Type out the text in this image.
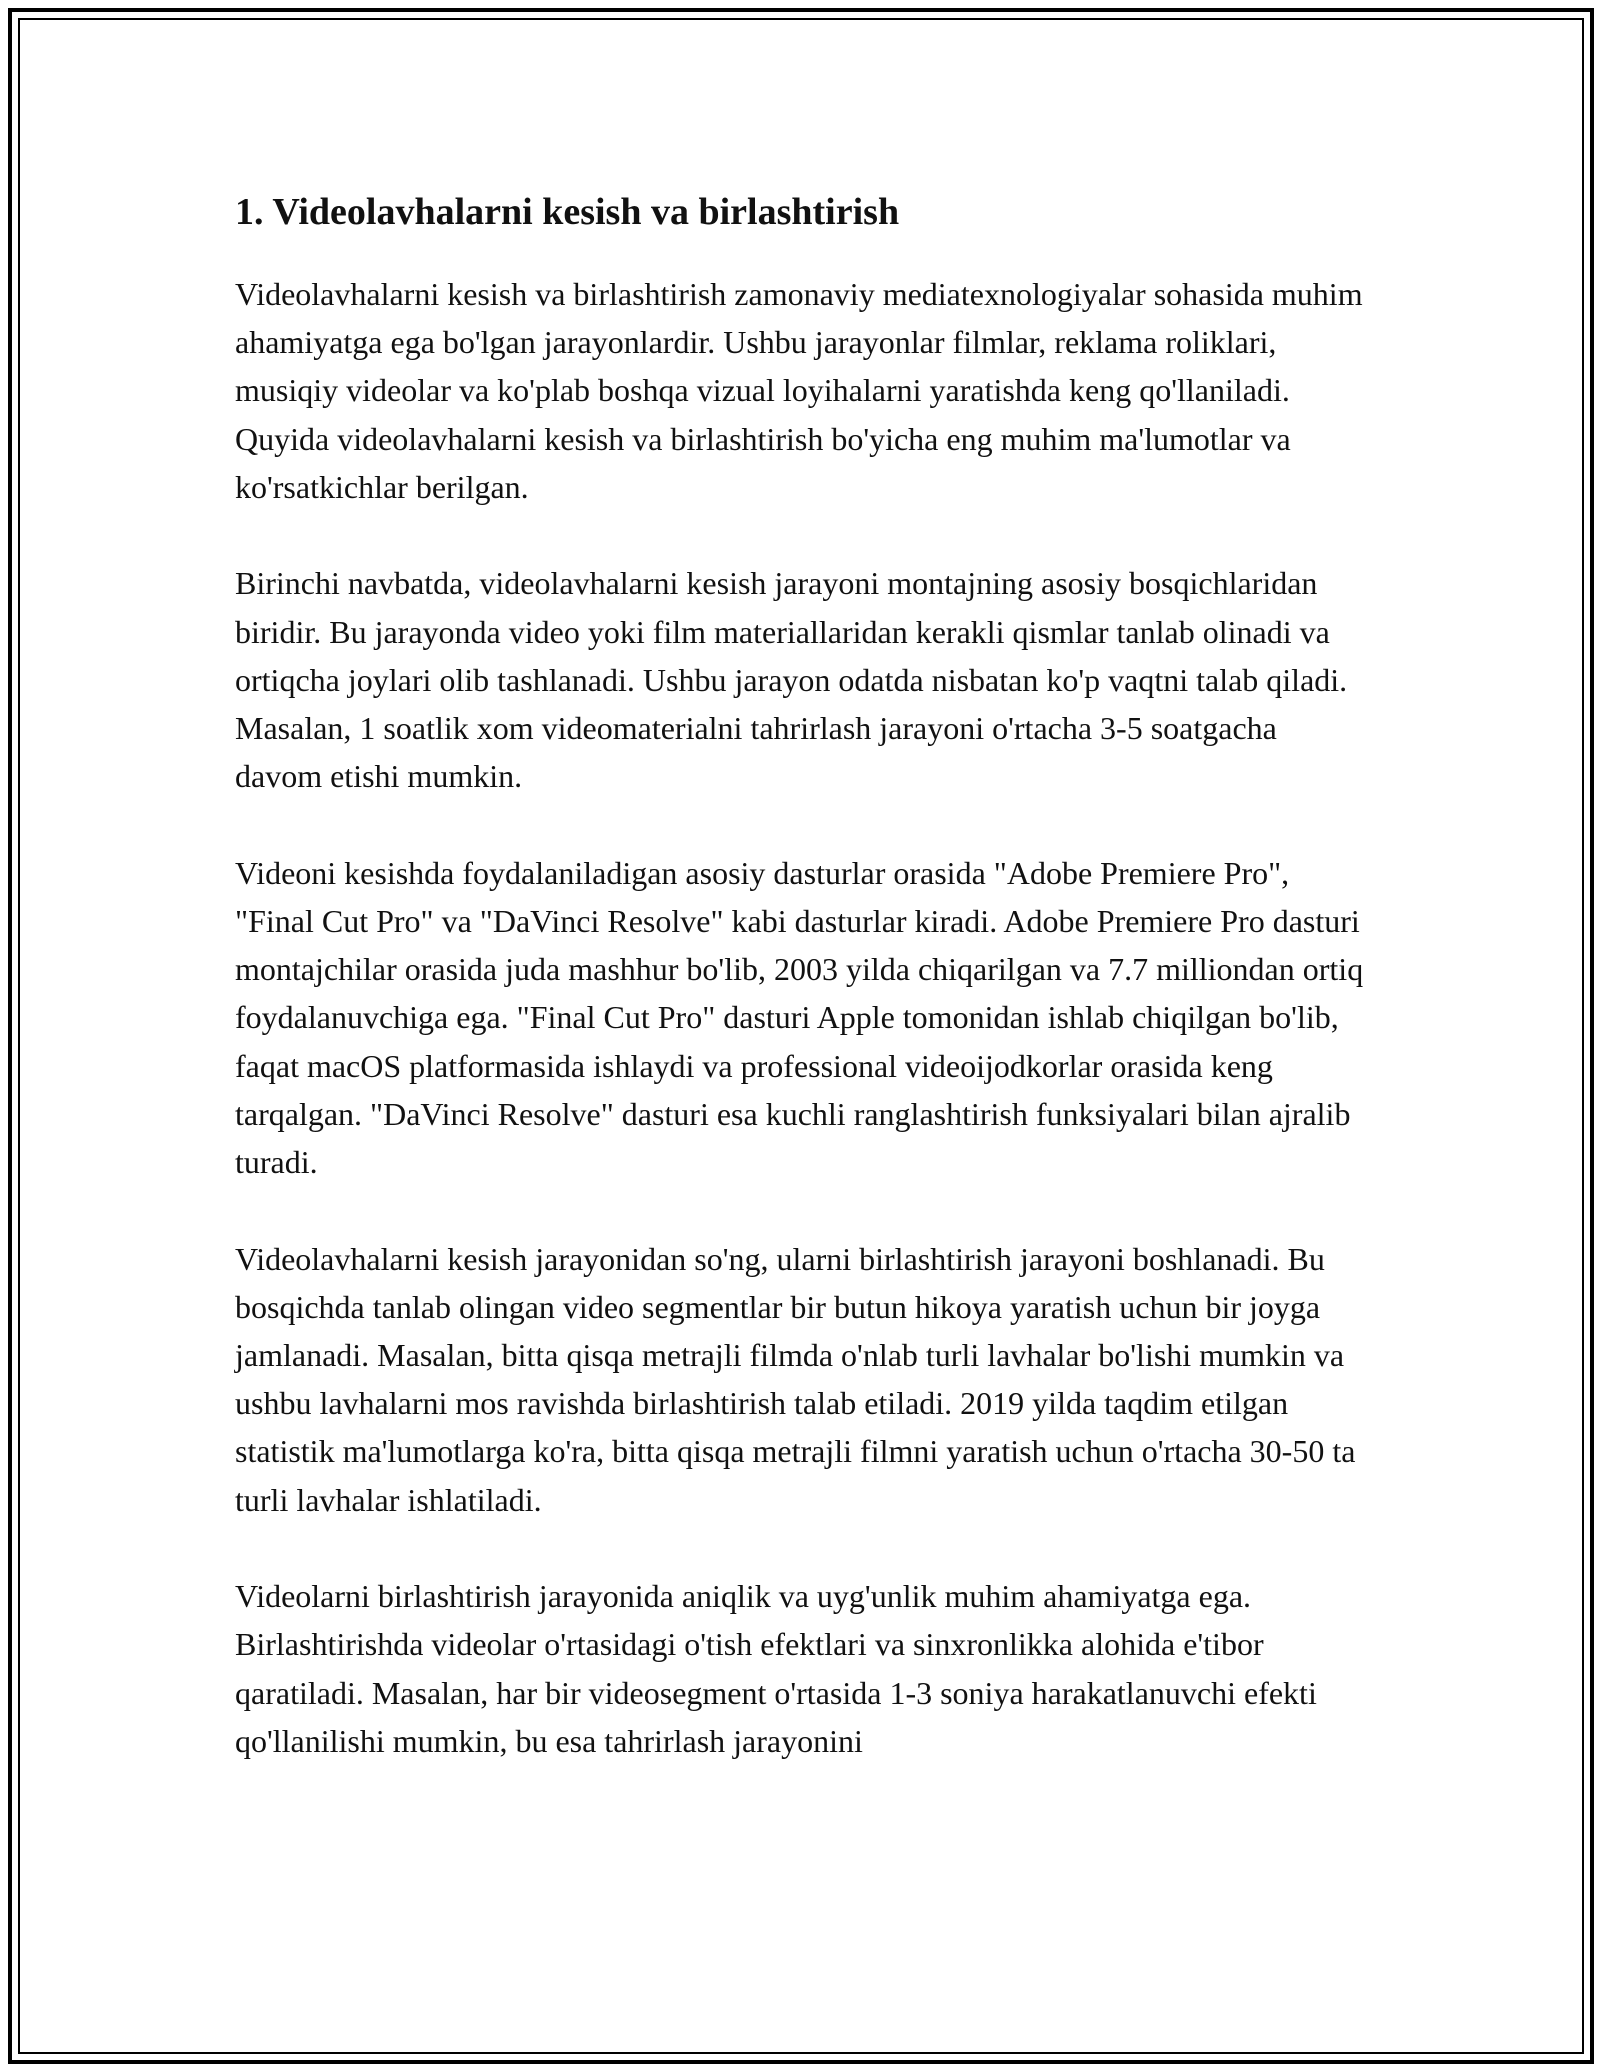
1. Videolavhalarni kesish va birlashtirish

Videolavhalarni kesish va birlashtirish zamonaviy mediatexnologiyalar sohasida muhim ahamiyatga ega bo'lgan jarayonlardir. Ushbu jarayonlar filmlar, reklama roliklari, musiqiy videolar va ko'plab boshqa vizual loyihalarni yaratishda keng qo'llaniladi. Quyida videolavhalarni kesish va birlashtirish bo'yicha eng muhim ma'lumotlar va ko'rsatkichlar berilgan.

Birinchi navbatda, videolavhalarni kesish jarayoni montajning asosiy bosqichlaridan biridir. Bu jarayonda video yoki film materiallaridan kerakli qismlar tanlab olinadi va ortiqcha joylari olib tashlanadi. Ushbu jarayon odatda nisbatan ko'p vaqtni talab qiladi. Masalan, 1 soatlik xom videomaterialni tahrirlash jarayoni o'rtacha 3-5 soatgacha davom etishi mumkin.

Videoni kesishda foydalaniladigan asosiy dasturlar orasida "Adobe Premiere Pro", "Final Cut Pro" va "DaVinci Resolve" kabi dasturlar kiradi. Adobe Premiere Pro dasturi montajchilar orasida juda mashhur bo'lib, 2003 yilda chiqarilgan va 7.7 milliondan ortiq foydalanuvchiga ega. "Final Cut Pro" dasturi Apple tomonidan ishlab chiqilgan bo'lib, faqat macOS platformasida ishlaydi va professional videoijodkorlar orasida keng tarqalgan. "DaVinci Resolve" dasturi esa kuchli ranglashtirish funksiyalari bilan ajralib turadi.

Videolavhalarni kesish jarayonidan so'ng, ularni birlashtirish jarayoni boshlanadi. Bu bosqichda tanlab olingan video segmentlar bir butun hikoya yaratish uchun bir joyga jamlanadi. Masalan, bitta qisqa metrajli filmda o'nlab turli lavhalar bo'lishi mumkin va ushbu lavhalarni mos ravishda birlashtirish talab etiladi. 2019 yilda taqdim etilgan statistik ma'lumotlarga ko'ra, bitta qisqa metrajli filmni yaratish uchun o'rtacha 30-50 ta turli lavhalar ishlatiladi.

Videolarni birlashtirish jarayonida aniqlik va uyg'unlik muhim ahamiyatga ega. Birlashtirishda videolar o'rtasidagi o'tish efektlari va sinxronlikka alohida e'tibor qaratiladi. Masalan, har bir videosegment o'rtasida 1-3 soniya harakatlanuvchi efekti qo'llanilishi mumkin, bu esa tahrirlash jarayonini
